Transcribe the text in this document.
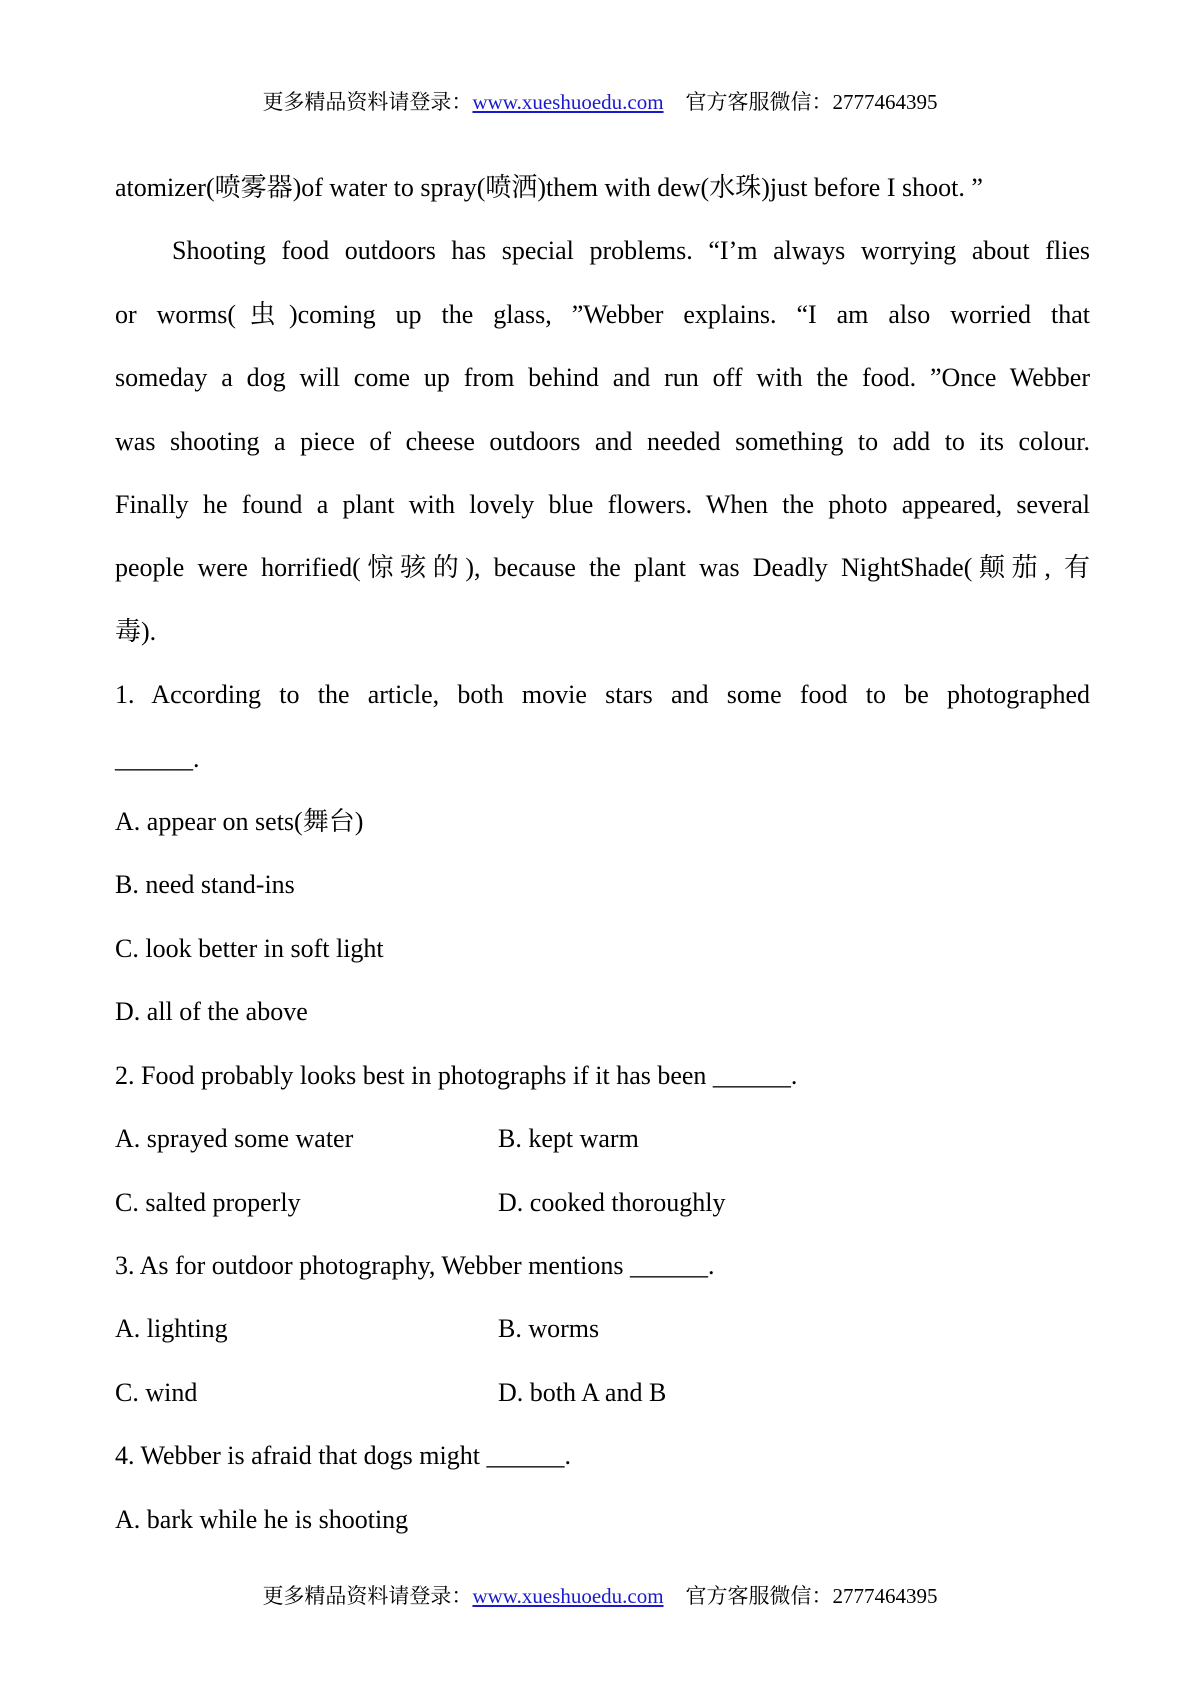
更多精品资料请登录：www.xueshuoedu.com 官方客服微信：2777464395
atomizer(喷雾器)of water to spray(喷洒)them with dew(水珠)just before I shoot. ”
Shooting food outdoors has special problems. “I’m always worrying about flies
or worms(虫)coming up the glass, ”Webber explains. “I am also worried that
someday a dog will come up from behind and run off with the food. ”Once Webber
was shooting a piece of cheese outdoors and needed something to add to its colour.
Finally he found a plant with lovely blue flowers. When the photo appeared, several
people were horrified(惊骇的), because the plant was Deadly NightShade(颠茄, 有
毒).
1. According to the article, both movie stars and some food to be photographed
______.
A. appear on sets(舞台)
B. need stand-ins
C. look better in soft light
D. all of the above
2. Food probably looks best in photographs if it has been ______.
A. sprayed some water	B. kept warm
C. salted properly	D. cooked thoroughly
3. As for outdoor photography, Webber mentions ______.
A. lighting	B. worms
C. wind	D. both A and B
4. Webber is afraid that dogs might ______.
A. bark while he is shooting
更多精品资料请登录：www.xueshuoedu.com 官方客服微信：2777464395
